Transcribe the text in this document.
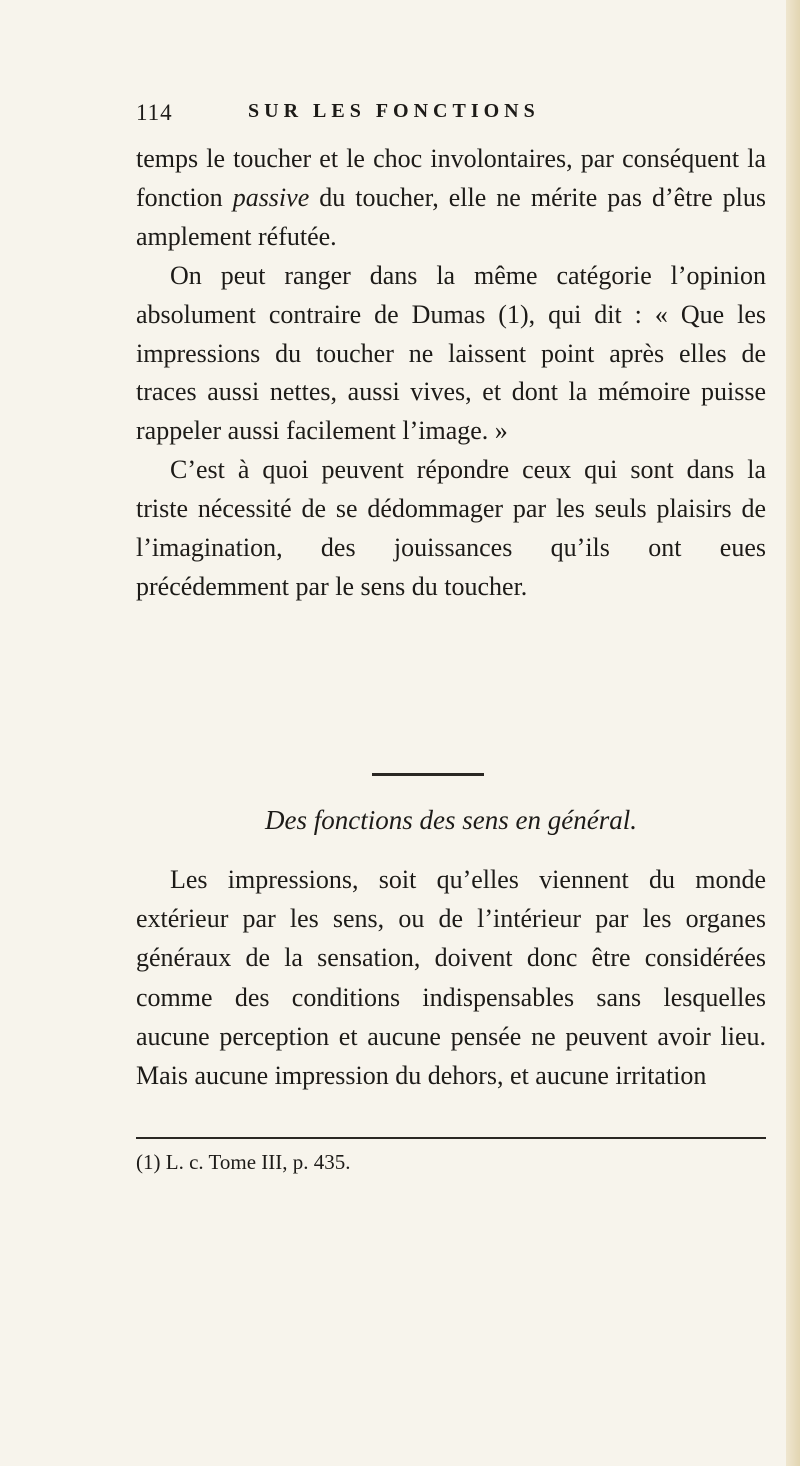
114	SUR LES FONCTIONS

temps le toucher et le choc involontaires, par conséquent la fonction passive du toucher, elle ne mérite pas d’être plus amplement réfutée.

On peut ranger dans la même catégorie l’opinion absolument contraire de Dumas (1), qui dit : « Que les impressions du toucher ne laissent point après elles de traces aussi nettes, aussi vives, et dont la mémoire puisse rappeler aussi facilement l’image. »

C’est à quoi peuvent répondre ceux qui sont dans la triste nécessité de se dédommager par les seuls plaisirs de l’imagination, des jouissances qu’ils ont eues précédemment par le sens du toucher.

Des fonctions des sens en général.

Les impressions, soit qu’elles viennent du monde extérieur par les sens, ou de l’intérieur par les organes généraux de la sensation, doivent donc être considérées comme des conditions indispensables sans lesquelles aucune perception et aucune pensée ne peuvent avoir lieu. Mais aucune impression du dehors, et aucune irritation

(1) L. c. Tome III, p. 435.
